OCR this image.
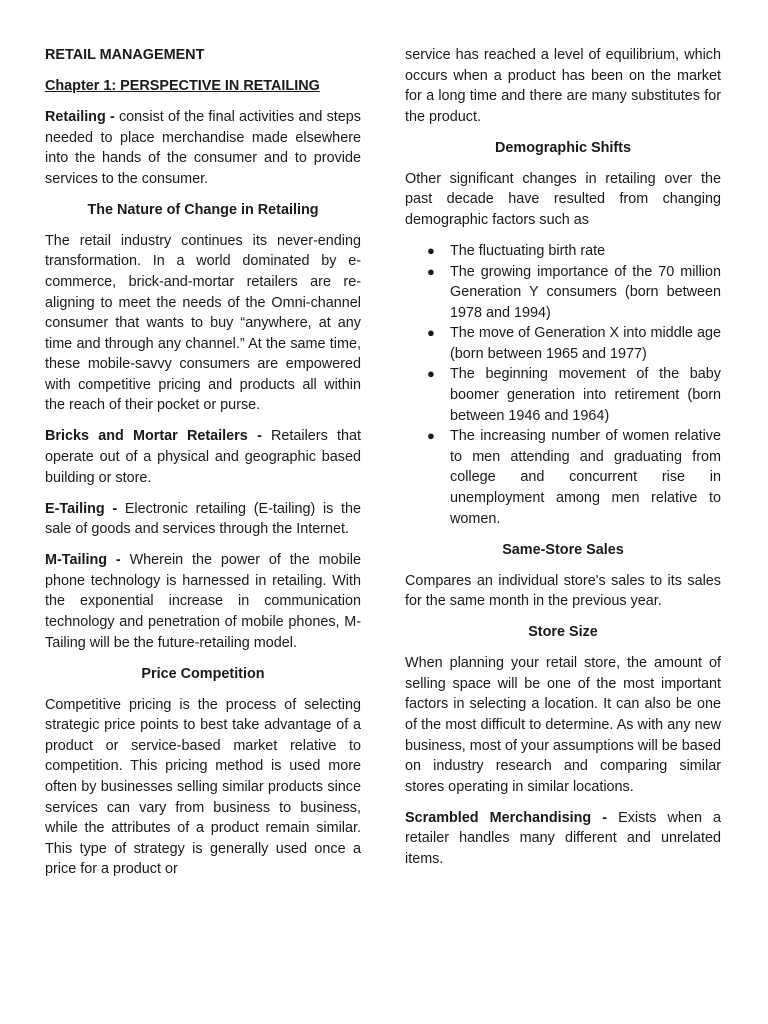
RETAIL MANAGEMENT
Chapter 1: PERSPECTIVE IN RETAILING

Retailing - consist of the final activities and steps needed to place merchandise made elsewhere into the hands of the consumer and to provide services to the consumer.

The Nature of Change in Retailing

The retail industry continues its never-ending transformation. In a world dominated by e-commerce, brick-and-mortar retailers are re-aligning to meet the needs of the Omni-channel consumer that wants to buy “anywhere, at any time and through any channel.” At the same time, these mobile-savvy consumers are empowered with competitive pricing and products all within the reach of their pocket or purse.

Bricks and Mortar Retailers - Retailers that operate out of a physical and geographic based building or store.

E-Tailing - Electronic retailing (E-tailing) is the sale of goods and services through the Internet.

M-Tailing - Wherein the power of the mobile phone technology is harnessed in retailing. With the exponential increase in communication technology and penetration of mobile phones, M-Tailing will be the future-retailing model.

Price Competition

Competitive pricing is the process of selecting strategic price points to best take advantage of a product or service-based market relative to competition. This pricing method is used more often by businesses selling similar products since services can vary from business to business, while the attributes of a product remain similar. This type of strategy is generally used once a price for a product or

service has reached a level of equilibrium, which occurs when a product has been on the market for a long time and there are many substitutes for the product.

Demographic Shifts

Other significant changes in retailing over the past decade have resulted from changing demographic factors such as

● The fluctuating birth rate
● The growing importance of the 70 million Generation Y consumers (born between 1978 and 1994)
● The move of Generation X into middle age (born between 1965 and 1977)
● The beginning movement of the baby boomer generation into retirement (born between 1946 and 1964)
● The increasing number of women relative to men attending and graduating from college and concurrent rise in unemployment among men relative to women.
Same-Store Sales

Compares an individual store's sales to its sales for the same month in the previous year.

Store Size

When planning your retail store, the amount of selling space will be one of the most important factors in selecting a location. It can also be one of the most difficult to determine. As with any new business, most of your assumptions will be based on industry research and comparing similar stores operating in similar locations.

Scrambled Merchandising - Exists when a retailer handles many different and unrelated items.
